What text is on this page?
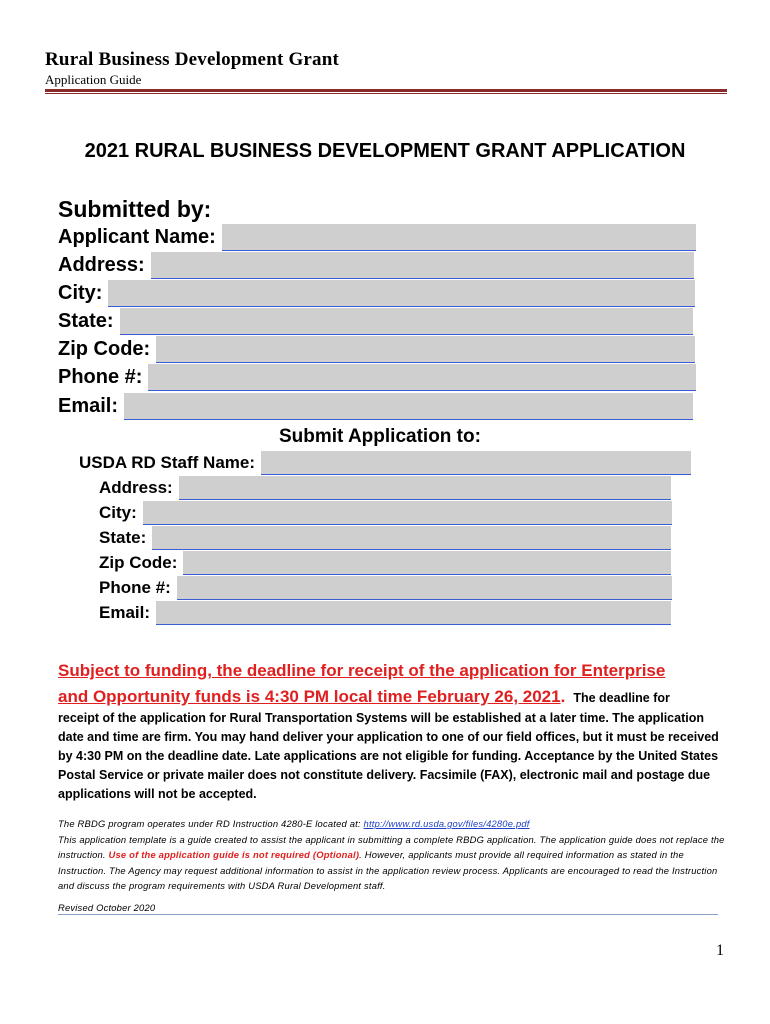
Rural Business Development Grant
Application Guide
2021 RURAL BUSINESS DEVELOPMENT GRANT APPLICATION
Submitted by:
Applicant Name:
Address:
City:
State:
Zip Code:
Phone #:
Email:
Submit Application to:
USDA RD Staff Name:
Address:
City:
State:
Zip Code:
Phone #:
Email:
Subject to funding, the deadline for receipt of the application for Enterprise
and Opportunity funds is 4:30 PM local time February 26, 2021. The deadline for
receipt of the application for Rural Transportation Systems will be established at a later time. The application date and time are firm. You may hand deliver your application to one of our field offices, but it must be received by 4:30 PM on the deadline date. Late applications are not eligible for funding. Acceptance by the United States Postal Service or private mailer does not constitute delivery. Facsimile (FAX), electronic mail and postage due applications will not be accepted.
The RBDG program operates under RD Instruction 4280-E located at: http://www.rd.usda.gov/files/4280e.pdf
This application template is a guide created to assist the applicant in submitting a complete RBDG application. The application guide does not replace the instruction. Use of the application guide is not required (Optional). However, applicants must provide all required information as stated in the Instruction. The Agency may request additional information to assist in the application review process. Applicants are encouraged to read the Instruction and discuss the program requirements with USDA Rural Development staff.
Revised October 2020
1
